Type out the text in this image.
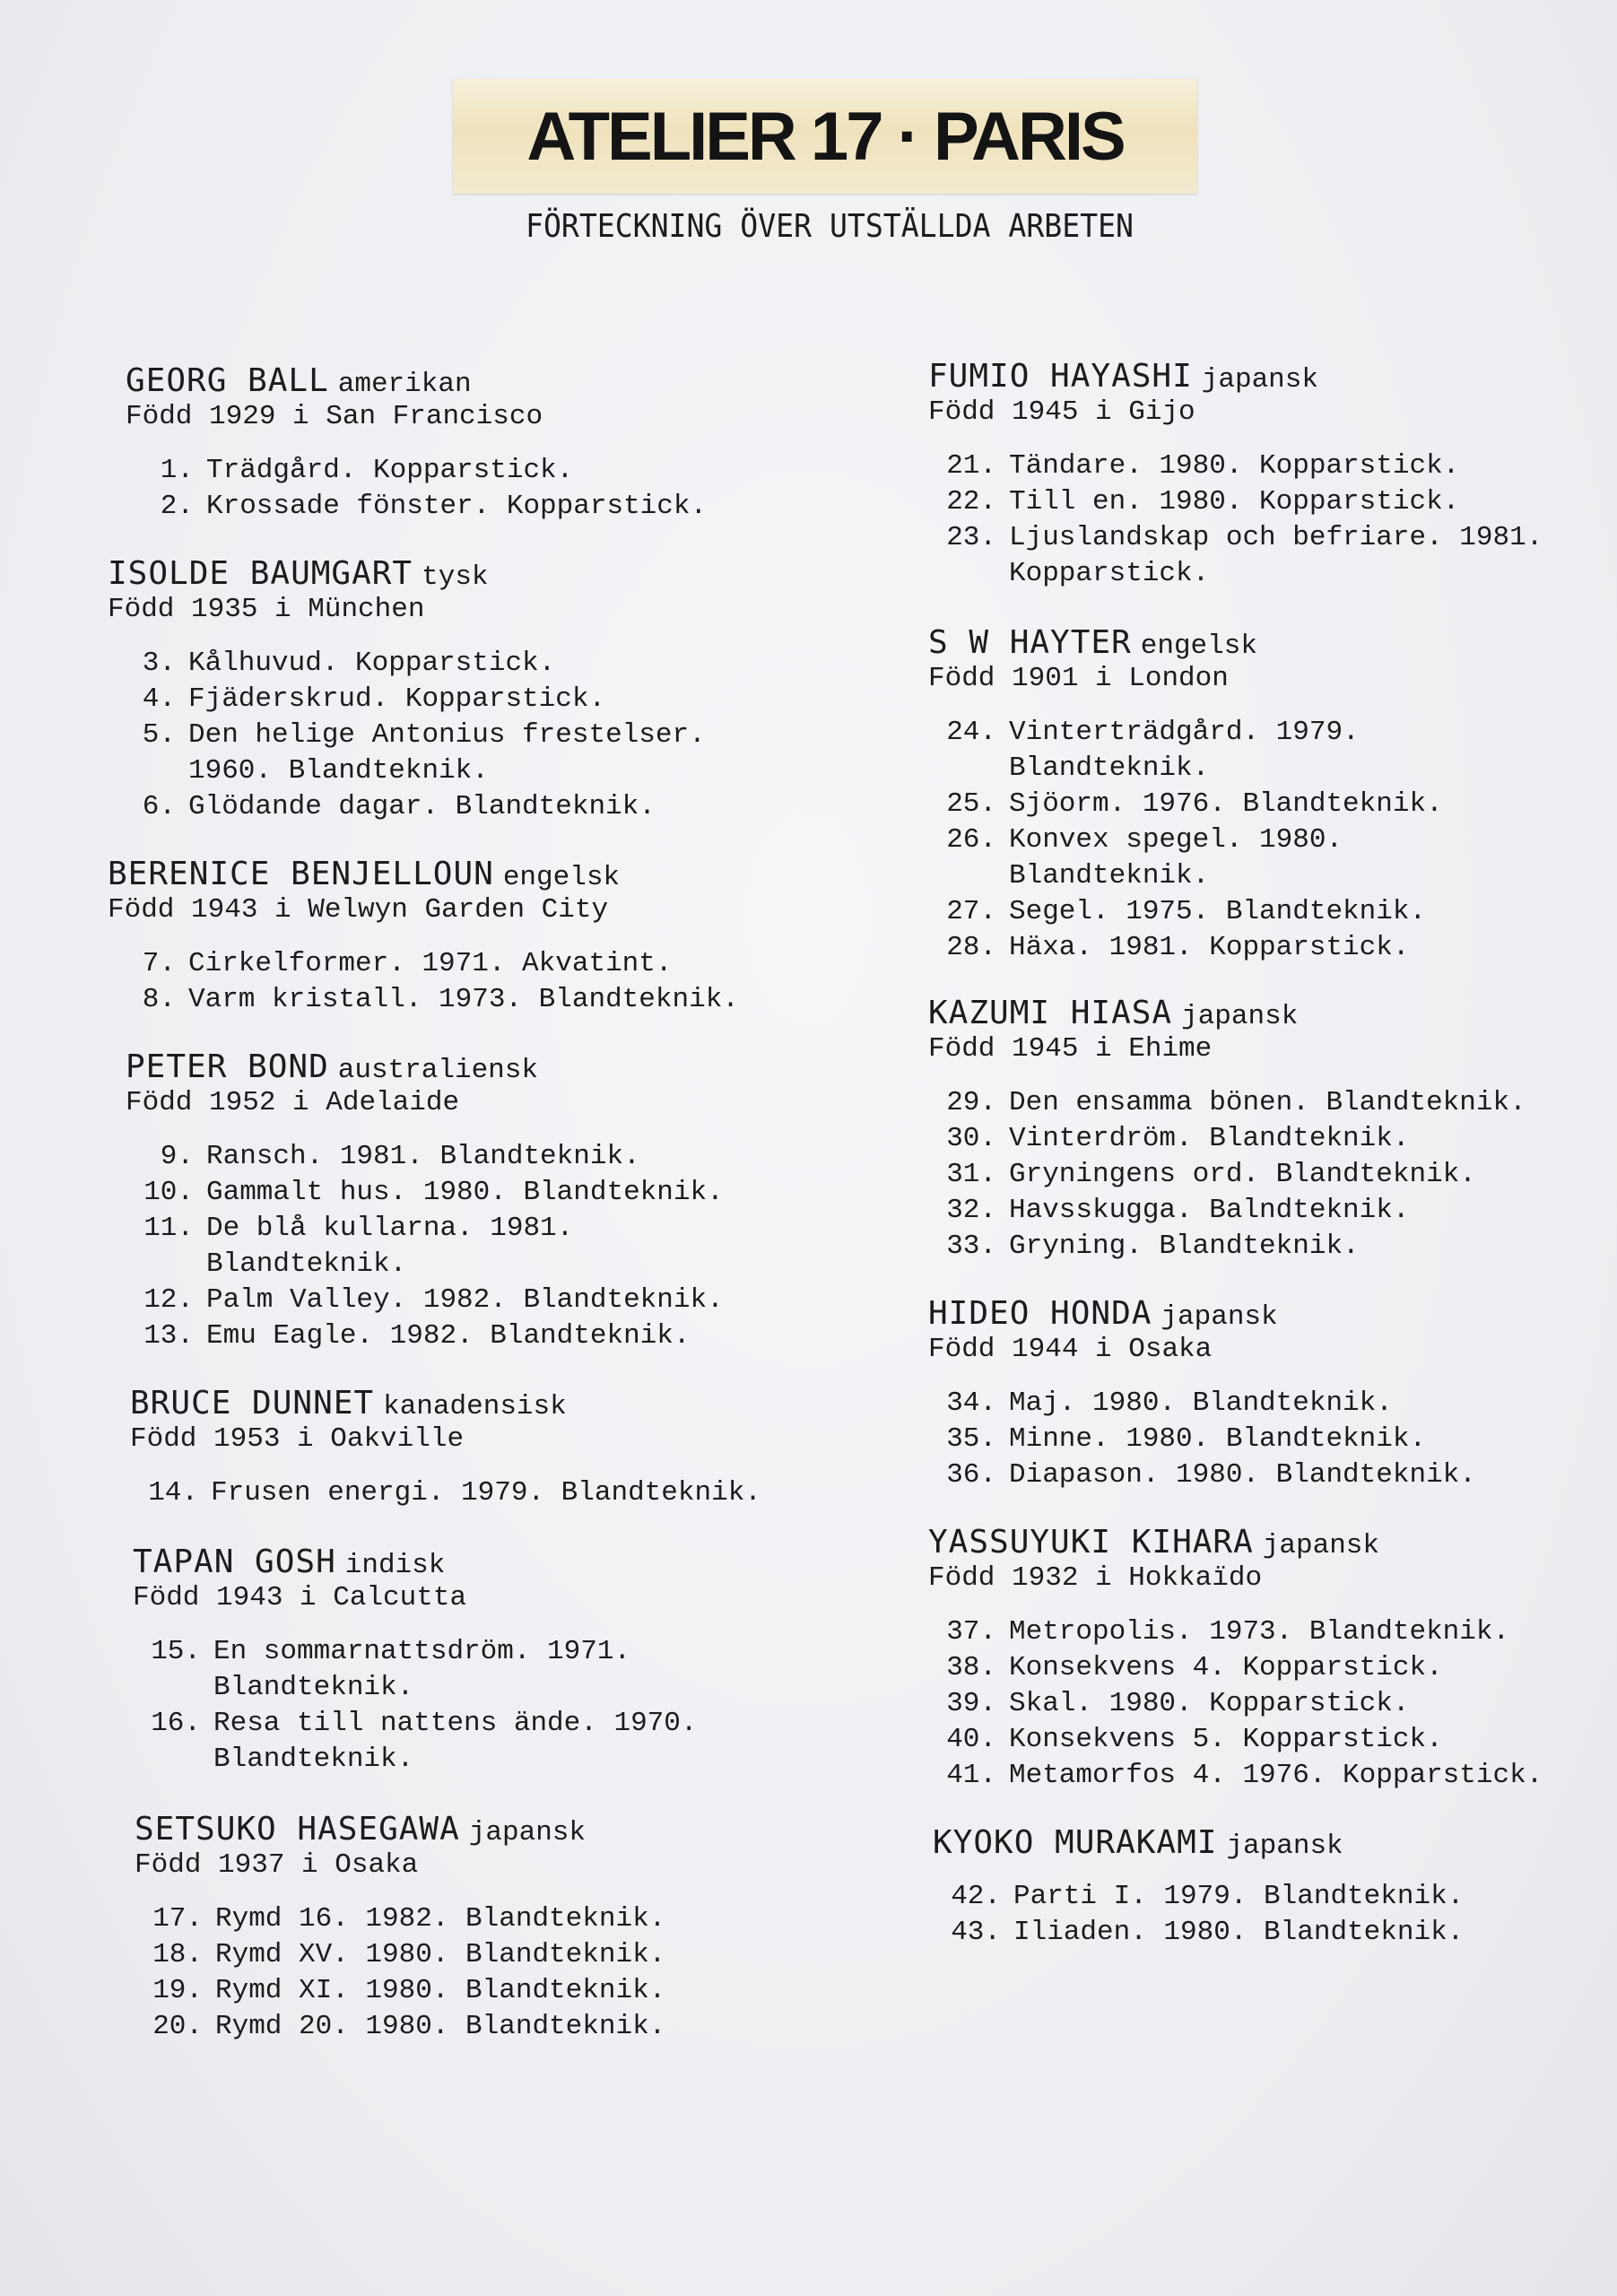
ATELIER 17 · PARIS
FÖRTECKNING ÖVER UTSTÄLLDA ARBETEN
GEORG BALL amerikan
Född 1929 i San Francisco
1. Trädgård. Kopparstick.
2. Krossade fönster. Kopparstick.
ISOLDE BAUMGART tysk
Född 1935 i München
3. Kålhuvud. Kopparstick.
4. Fjäderskrud. Kopparstick.
5. Den helige Antonius frestelser.
1960. Blandteknik.
6. Glödande dagar. Blandteknik.
BERENICE BENJELLOUN engelsk
Född 1943 i Welwyn Garden City
7. Cirkelformer. 1971. Akvatint.
8. Varm kristall. 1973. Blandteknik.
PETER BOND australiensk
Född 1952 i Adelaide
9. Ransch. 1981. Blandteknik.
10. Gammalt hus. 1980. Blandteknik.
11. De blå kullarna. 1981.
Blandteknik.
12. Palm Valley. 1982. Blandteknik.
13. Emu Eagle. 1982. Blandteknik.
BRUCE DUNNET kanadensisk
Född 1953 i Oakville
14. Frusen energi. 1979. Blandteknik.
TAPAN GOSH indisk
Född 1943 i Calcutta
15. En sommarnattsdröm. 1971.
Blandteknik.
16. Resa till nattens ände. 1970.
Blandteknik.
SETSUKO HASEGAWA japansk
Född 1937 i Osaka
17. Rymd 16. 1982. Blandteknik.
18. Rymd XV. 1980. Blandteknik.
19. Rymd XI. 1980. Blandteknik.
20. Rymd 20. 1980. Blandteknik.
FUMIO HAYASHI japansk
Född 1945 i Gijo
21. Tändare. 1980. Kopparstick.
22. Till en. 1980. Kopparstick.
23. Ljuslandskap och befriare. 1981.
Kopparstick.
S W HAYTER engelsk
Född 1901 i London
24. Vinterträdgård. 1979.
Blandteknik.
25. Sjöorm. 1976. Blandteknik.
26. Konvex spegel. 1980.
Blandteknik.
27. Segel. 1975. Blandteknik.
28. Häxa. 1981. Kopparstick.
KAZUMI HIASA japansk
Född 1945 i Ehime
29. Den ensamma bönen. Blandteknik.
30. Vinterdröm. Blandteknik.
31. Gryningens ord. Blandteknik.
32. Havsskugga. Balndteknik.
33. Gryning. Blandteknik.
HIDEO HONDA japansk
Född 1944 i Osaka
34. Maj. 1980. Blandteknik.
35. Minne. 1980. Blandteknik.
36. Diapason. 1980. Blandteknik.
YASSUYUKI KIHARA japansk
Född 1932 i Hokkaïdo
37. Metropolis. 1973. Blandteknik.
38. Konsekvens 4. Kopparstick.
39. Skal. 1980. Kopparstick.
40. Konsekvens 5. Kopparstick.
41. Metamorfos 4. 1976. Kopparstick.
KYOKO MURAKAMI japansk
42. Parti I. 1979. Blandteknik.
43. Iliaden. 1980. Blandteknik.
